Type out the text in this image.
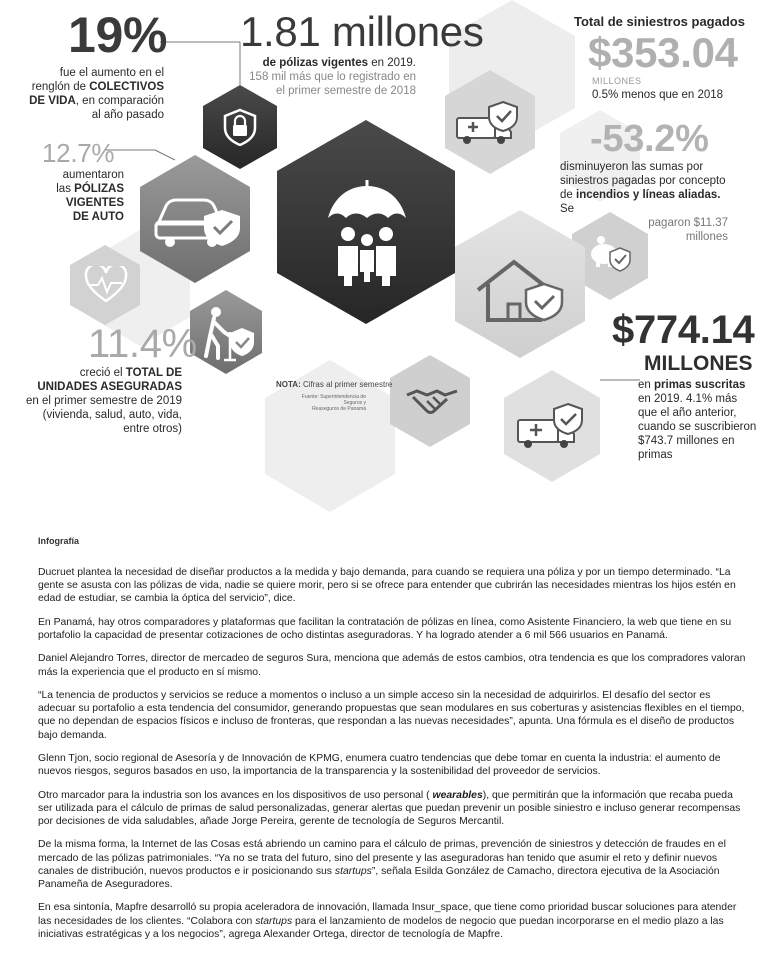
19%
fue el aumento en el
renglón de COLECTIVOS
DE VIDA, en comparación
al año pasado
1.81 millones
de pólizas vigentes en 2019.
158 mil más que lo registrado en
el primer semestre de 2018
Total de siniestros pagados
$353.04
MILLONES
0.5% menos que en 2018
12.7%
aumentaron
las PÓLIZAS
VIGENTES
DE AUTO
-53.2%
disminuyeron las sumas por
siniestros pagadas por concepto
de incendios y líneas aliadas. Se
pagaron $11.37
millones
11.4%
creció el TOTAL DE
UNIDADES ASEGURADAS
en el primer semestre de 2019
(vivienda, salud, auto, vida,
entre otros)
NOTA: Cifras al primer semestre
Fuente: Superintendencia de Seguros y
Reaseguros de Panamá
$774.14
MILLONES
en primas suscritas
en 2019. 4.1% más
que el año anterior,
cuando se suscribieron
$743.7 millones en primas
Infografía

Ducruet plantea la necesidad de diseñar productos a la medida y bajo demanda, para cuando se requiera una póliza y por un tiempo determinado. “La gente se asusta con las pólizas de vida, nadie se quiere morir, pero si se ofrece para entender que cubrirán las necesidades mientras los hijos estén en edad de estudiar, se cambia la óptica del servicio”, dice.

En Panamá, hay otros comparadores y plataformas que facilitan la contratación de pólizas en línea, como Asistente Financiero, la web que tiene en su portafolio la capacidad de presentar cotizaciones de ocho distintas aseguradoras. Y ha logrado atender a 6 mil 566 usuarios en Panamá.

Daniel Alejandro Torres, director de mercadeo de seguros Sura, menciona que además de estos cambios, otra tendencia es que los compradores valoran más la experiencia que el producto en sí mismo.

“La tenencia de productos y servicios se reduce a momentos o incluso a un simple acceso sin la necesidad de adquirirlos. El desafío del sector es adecuar su portafolio a esta tendencia del consumidor, generando propuestas que sean modulares en sus coberturas y asistencias flexibles en el tiempo, que no dependan de espacios físicos e incluso de fronteras, que respondan a las nuevas necesidades”, apunta. Una fórmula es el diseño de productos bajo demanda.

Glenn Tjon, socio regional de Asesoría y de Innovación de KPMG, enumera cuatro tendencias que debe tomar en cuenta la industria: el aumento de nuevos riesgos, seguros basados en uso, la importancia de la transparencia y la sostenibilidad del proveedor de servicios.

Otro marcador para la industria son los avances en los dispositivos de uso personal ( wearables), que permitirán que la información que recaba pueda ser utilizada para el cálculo de primas de salud personalizadas, generar alertas que puedan prevenir un posible siniestro e incluso generar recompensas por decisiones de vida saludables, añade Jorge Pereira, gerente de tecnología de Seguros Mercantil.

De la misma forma, la Internet de las Cosas está abriendo un camino para el cálculo de primas, prevención de siniestros y detección de fraudes en el mercado de las pólizas patrimoniales. “Ya no se trata del futuro, sino del presente y las aseguradoras han tenido que asumir el reto y definir nuevos canales de distribución, nuevos productos e ir posicionando sus startups”, señala Esilda González de Camacho, directora ejecutiva de la Asociación Panameña de Aseguradores.

En esa sintonía, Mapfre desarrolló su propia aceleradora de innovación, llamada Insur_space, que tiene como prioridad buscar soluciones para atender las necesidades de los clientes. “Colabora con startups para el lanzamiento de modelos de negocio que puedan incorporarse en el medio plazo a las iniciativas estratégicas y a los negocios”, agrega Alexander Ortega, director de tecnología de Mapfre.
